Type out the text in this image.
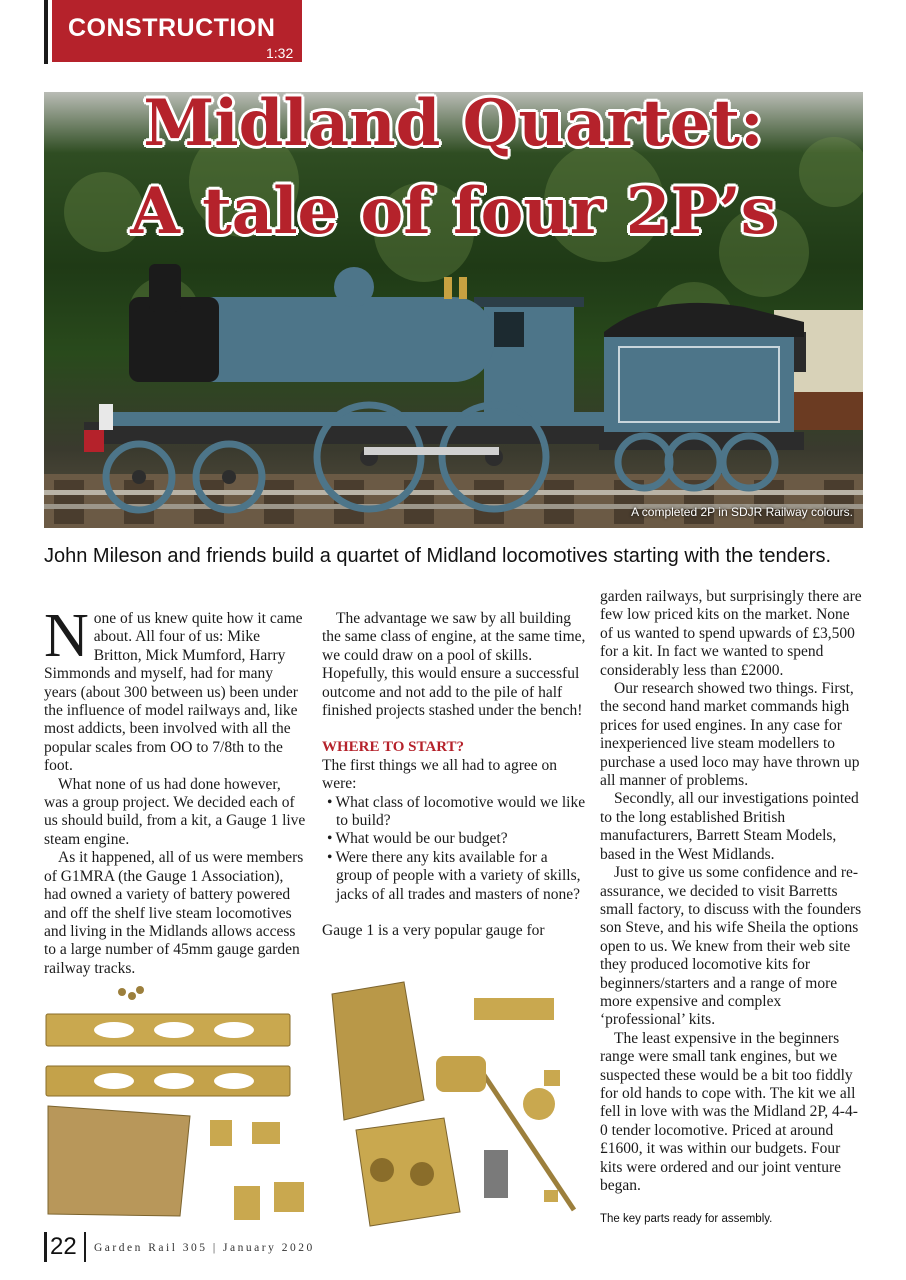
CONSTRUCTION
1:32
Midland Quartet:
A tale of four 2P’s
A completed 2P in SDJR Railway colours.
John Mileson and friends build a quartet of Midland locomotives starting with the tenders.

None of us knew quite how it came about. All four of us: Mike Britton, Mick Mumford, Harry Simmonds and myself, had for many years (about 300 between us) been under the influence of model railways and, like most addicts, been involved with all the popular scales from OO to 7/8th to the foot.

What none of us had done however, was a group project. We decided each of us should build, from a kit, a Gauge 1 live steam engine.

As it happened, all of us were members of G1MRA (the Gauge 1 Association), had owned a variety of battery powered and off the shelf live steam locomotives and living in the Midlands allows access to a large number of 45mm gauge garden railway tracks.

The advantage we saw by all building the same class of engine, at the same time, we could draw on a pool of skills. Hopefully, this would ensure a successful outcome and not add to the pile of half finished projects stashed under the bench!

WHERE TO START?

The first things we all had to agree on were:

• What class of locomotive would we like to build?
• What would be our budget?
• Were there any kits available for a group of people with a variety of skills, jacks of all trades and masters of none?

Gauge 1 is a very popular gauge for

garden railways, but surprisingly there are few low priced kits on the market. None of us wanted to spend upwards of £3,500 for a kit. In fact we wanted to spend considerably less than £2000.

Our research showed two things. First, the second hand market commands high prices for used engines. In any case for inexperienced live steam modellers to purchase a used loco may have thrown up all manner of problems.

Secondly, all our investigations pointed to the long established British manufacturers, Barrett Steam Models, based in the West Midlands.

Just to give us some confidence and re-assurance, we decided to visit Barretts small factory, to discuss with the founders son Steve, and his wife Sheila the options open to us. We knew from their web site they produced locomotive kits for beginners/starters and a range of more more expensive and complex ‘professional’ kits.

The least expensive in the beginners range were small tank engines, but we suspected these would be a bit too fiddly for old hands to cope with. The kit we all fell in love with was the Midland 2P, 4-4-0 tender locomotive. Priced at around £1600, it was within our budgets. Four kits were ordered and our joint venture began.

The key parts ready for assembly.
22 Garden Rail 305 | January 2020
